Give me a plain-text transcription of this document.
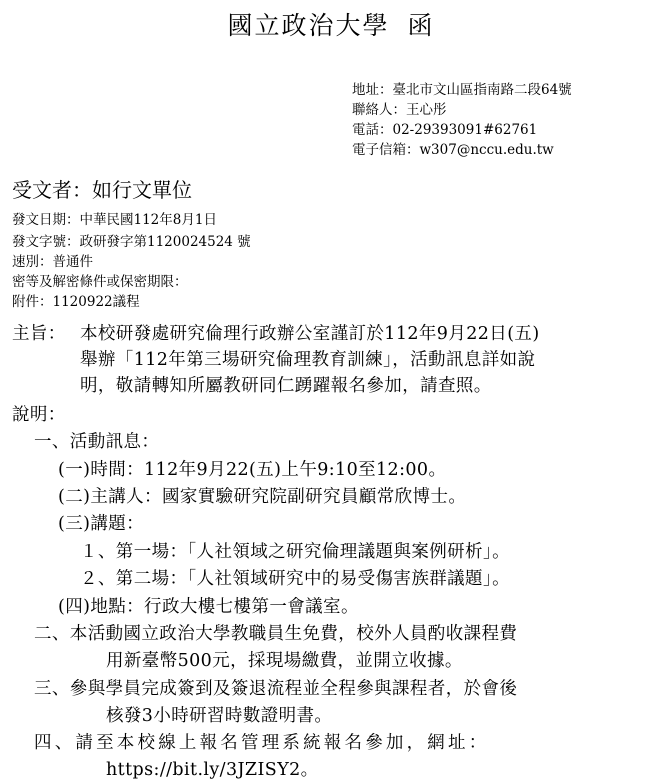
國立政治大學 函
地址：臺北市文山區指南路二段64號
聯絡人：王心彤
電話：02-29393091#62761
電子信箱：w307@nccu.edu.tw
受文者：如行文單位
發文日期：中華民國112年8月1日
發文字號：政研發字第1120024524 號
速別：普通件
密等及解密條件或保密期限：
附件：1120922議程
主旨： 本校研發處研究倫理行政辦公室謹訂於112年9月22日(五)
舉辦「112年第三場研究倫理教育訓練」，活動訊息詳如說
明，敬請轉知所屬教研同仁踴躍報名參加，請查照。
說明：
一、活動訊息：
(一)時間：112年9月22(五)上午9:10至12:00。
(二)主講人：國家實驗研究院副研究員顧常欣博士。
(三)講題：
１、第一場：「人社領域之研究倫理議題與案例研析」。
２、第二場：「人社領域研究中的易受傷害族群議題」。
(四)地點：行政大樓七樓第一會議室。
二、本活動國立政治大學教職員生免費，校外人員酌收課程費
用新臺幣500元，採現場繳費，並開立收據。
三、參與學員完成簽到及簽退流程並全程參與課程者，於會後
核發3小時研習時數證明書。
四、請至本校線上報名管理系統報名參加，網址：
https://bit.ly/3JZISY2。
